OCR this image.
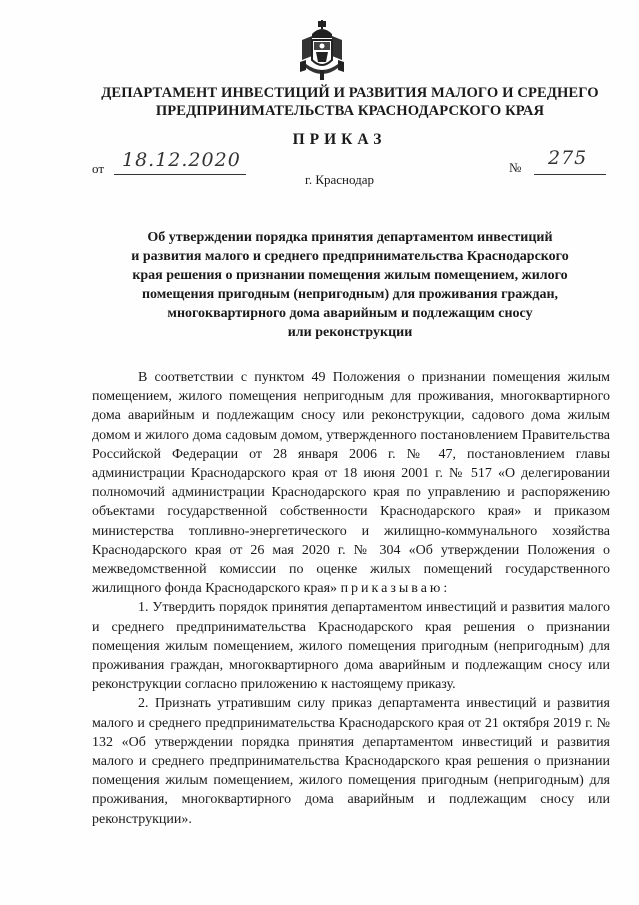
ДЕПАРТАМЕНТ ИНВЕСТИЦИЙ И РАЗВИТИЯ МАЛОГО И СРЕДНЕГО
ПРЕДПРИНИМАТЕЛЬСТВА КРАСНОДАРСКОГО КРАЯ
ПРИКАЗ
от 18.12.2020	№ 275
г. Краснодар
Об утверждении порядка принятия департаментом инвестиций
и развития малого и среднего предпринимательства Краснодарского
края решения о признании помещения жилым помещением, жилого
помещения пригодным (непригодным) для проживания граждан,
многоквартирного дома аварийным и подлежащим сносу
или реконструкции

В соответствии с пунктом 49 Положения о признании помещения жилым помещением, жилого помещения непригодным для проживания, многоквартирного дома аварийным и подлежащим сносу или реконструкции, садового дома жилым домом и жилого дома садовым домом, утвержденного постановлением Правительства Российской Федерации от 28 января 2006 г. № 47, постановлением главы администрации Краснодарского края от 18 июня 2001 г. № 517 «О делегировании полномочий администрации Краснодарского края по управлению и распоряжению объектами государственной собственности Краснодарского края» и приказом министерства топливно-энергетического и жилищно-коммунального хозяйства Краснодарского края от 26 мая 2020 г. № 304 «Об утверждении Положения о межведомственной комиссии по оценке жилых помещений государственного жилищного фонда Краснодарского края» приказываю:

1. Утвердить порядок принятия департаментом инвестиций и развития малого и среднего предпринимательства Краснодарского края решения о признании помещения жилым помещением, жилого помещения пригодным (непригодным) для проживания граждан, многоквартирного дома аварийным и подлежащим сносу или реконструкции согласно приложению к настоящему приказу.

2. Признать утратившим силу приказ департамента инвестиций и развития малого и среднего предпринимательства Краснодарского края от 21 октября 2019 г. № 132 «Об утверждении порядка принятия департаментом инвестиций и развития малого и среднего предпринимательства Краснодарского края решения о признании помещения жилым помещением, жилого помещения пригодным (непригодным) для проживания, многоквартирного дома аварийным и подлежащим сносу или реконструкции».
